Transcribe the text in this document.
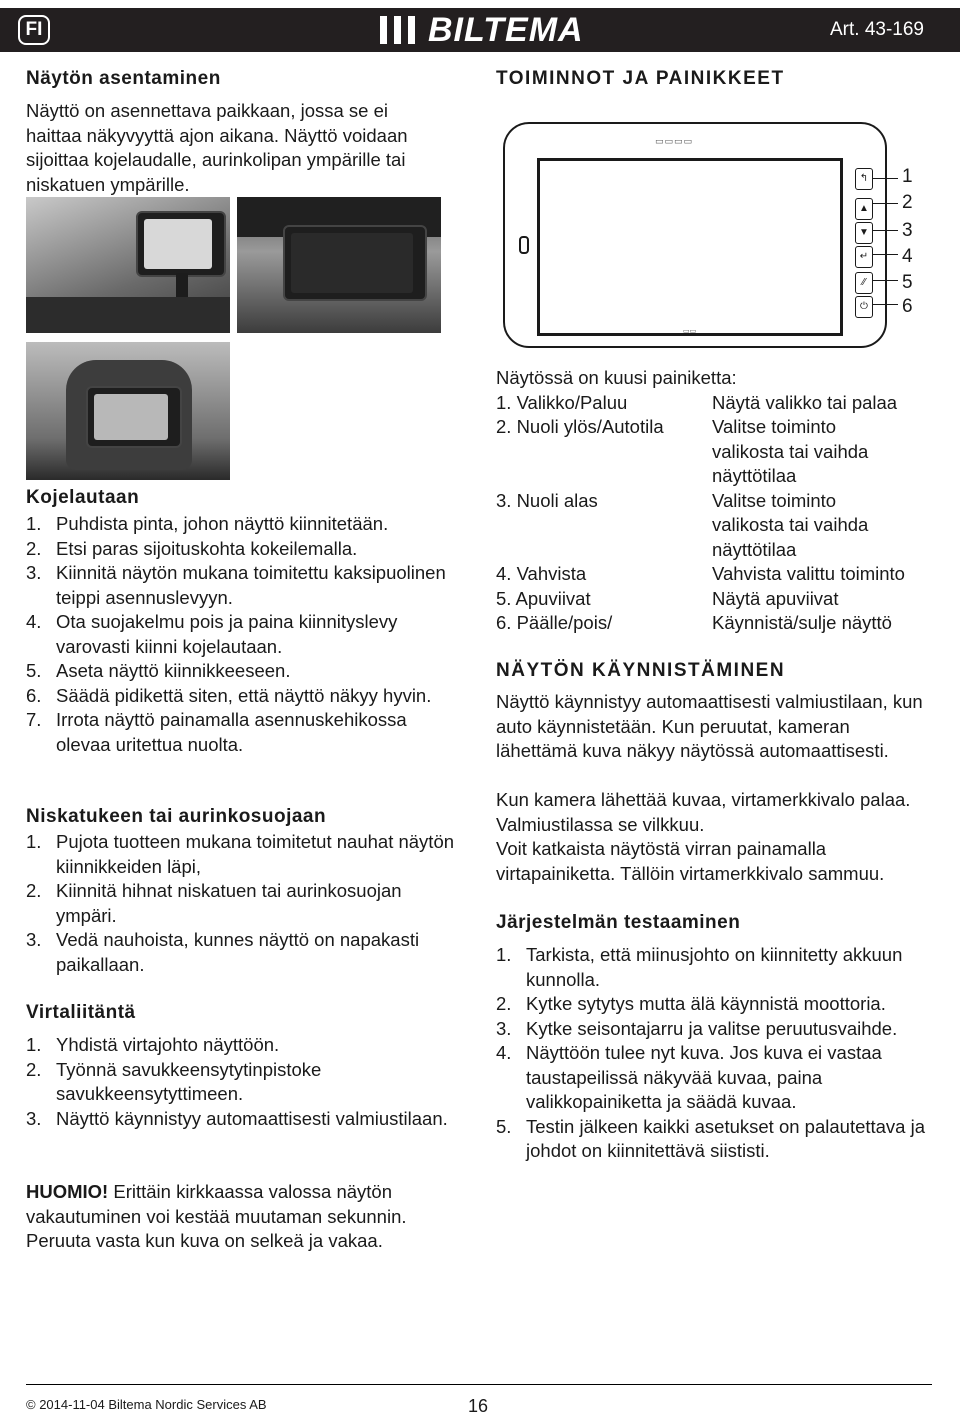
FI	BILTEMA	Art. 43-169
Näytön asentaminen
Näyttö on asennettava paikkaan, jossa se ei haittaa näkyvyyttä ajon aikana. Näyttö voidaan sijoittaa kojelaudalle, aurinkolipan ympärille tai niskatuen ympärille.
Kojelautaan
1. Puhdista pinta, johon näyttö kiinnitetään.
2. Etsi paras sijoituskohta kokeilemalla.
3. Kiinnitä näytön mukana toimitettu kaksipuolinen teippi asennuslevyyn.
4. Ota suojakelmu pois ja paina kiinnityslevy varovasti kiinni kojelautaan.
5. Aseta näyttö kiinnikkeeseen.
6. Säädä pidikettä siten, että näyttö näkyy hyvin.
7. Irrota näyttö painamalla asennuskehikossa olevaa uritettua nuolta.
Niskatukeen tai aurinkosuojaan
1. Pujota tuotteen mukana toimitetut nauhat näytön kiinnikkeiden läpi,
2. Kiinnitä hihnat niskatuen tai aurinkosuojan ympäri.
3. Vedä nauhoista, kunnes näyttö on napakasti paikallaan.
Virtaliitäntä
1. Yhdistä virtajohto näyttöön.
2. Työnnä savukkeensytytinpistoke savukkeensytyttimeen.
3. Näyttö käynnistyy automaattisesti valmiustilaan.
HUOMIO! Erittäin kirkkaassa valossa näytön vakautuminen voi kestää muutaman sekunnin. Peruuta vasta kun kuva on selkeä ja vakaa.
TOIMINNOT JA PAINIKKEET
▭▭▭▭
▭▭
↰
▲
▼
↵
⁄⁄
⏻
1
2
3
4
5
6
Näytössä on kuusi painiketta:
1. Valikko/Paluu	Näytä valikko tai palaa
2. Nuoli ylös/Autotila	Valitse toiminto valikosta tai vaihda näyttötilaa
3. Nuoli alas	Valitse toiminto valikosta tai vaihda näyttötilaa
4. Vahvista	Vahvista valittu toiminto
5. Apuviivat	Näytä apuviivat
6. Päälle/pois/	Käynnistä/sulje näyttö
NÄYTÖN KÄYNNISTÄMINEN
Näyttö käynnistyy automaattisesti valmiustilaan, kun auto käynnistetään. Kun peruutat, kameran lähettämä kuva näkyy näytössä automaattisesti.
Kun kamera lähettää kuvaa, virtamerkkivalo palaa. Valmiustilassa se vilkkuu.
Voit katkaista näytöstä virran painamalla virtapainiketta. Tällöin virtamerkkivalo sammuu.
Järjestelmän testaaminen
1. Tarkista, että miinusjohto on kiinnitetty akkuun kunnolla.
2. Kytke sytytys mutta älä käynnistä moottoria.
3. Kytke seisontajarru ja valitse peruutusvaihde.
4. Näyttöön tulee nyt kuva. Jos kuva ei vastaa taustapeilissä näkyvää kuvaa, paina valikkopainiketta ja säädä kuvaa.
5. Testin jälkeen kaikki asetukset on palautettava ja johdot on kiinnitettävä siististi.
© 2014-11-04 Biltema Nordic Services AB	16
